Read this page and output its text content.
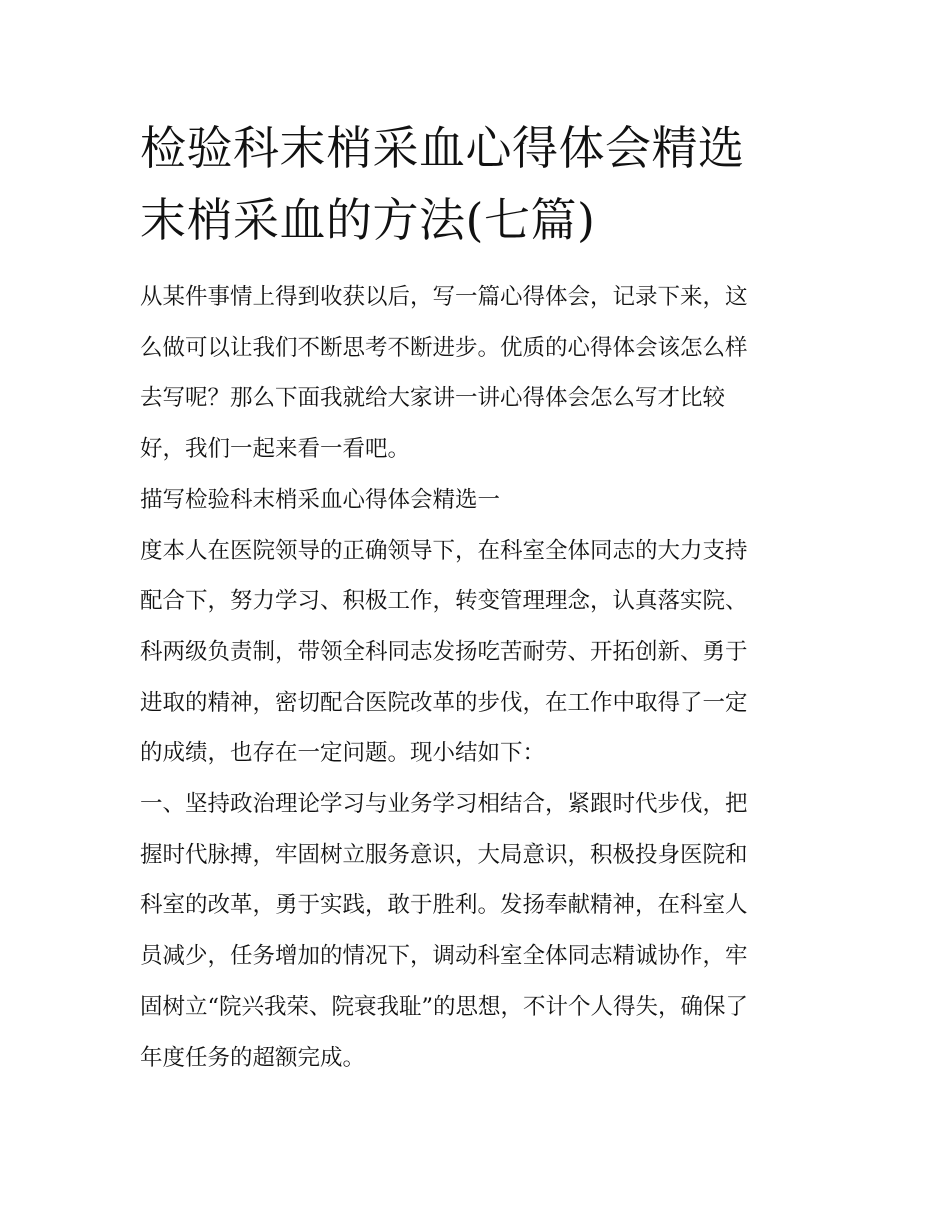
检验科末梢采血心得体会精选
末梢采血的方法(七篇)
从某件事情上得到收获以后，写一篇心得体会，记录下来，这
么做可以让我们不断思考不断进步。优质的心得体会该怎么样
去写呢？那么下面我就给大家讲一讲心得体会怎么写才比较
好，我们一起来看一看吧。
描写检验科末梢采血心得体会精选一
度本人在医院领导的正确领导下，在科室全体同志的大力支持
配合下，努力学习、积极工作，转变管理理念，认真落实院、
科两级负责制，带领全科同志发扬吃苦耐劳、开拓创新、勇于
进取的精神，密切配合医院改革的步伐，在工作中取得了一定
的成绩，也存在一定问题。现小结如下：
一、坚持政治理论学习与业务学习相结合，紧跟时代步伐，把
握时代脉搏，牢固树立服务意识，大局意识，积极投身医院和
科室的改革，勇于实践，敢于胜利。发扬奉献精神，在科室人
员减少，任务增加的情况下，调动科室全体同志精诚协作，牢
固树立“院兴我荣、院衰我耻”的思想，不计个人得失，确保了
年度任务的超额完成。
